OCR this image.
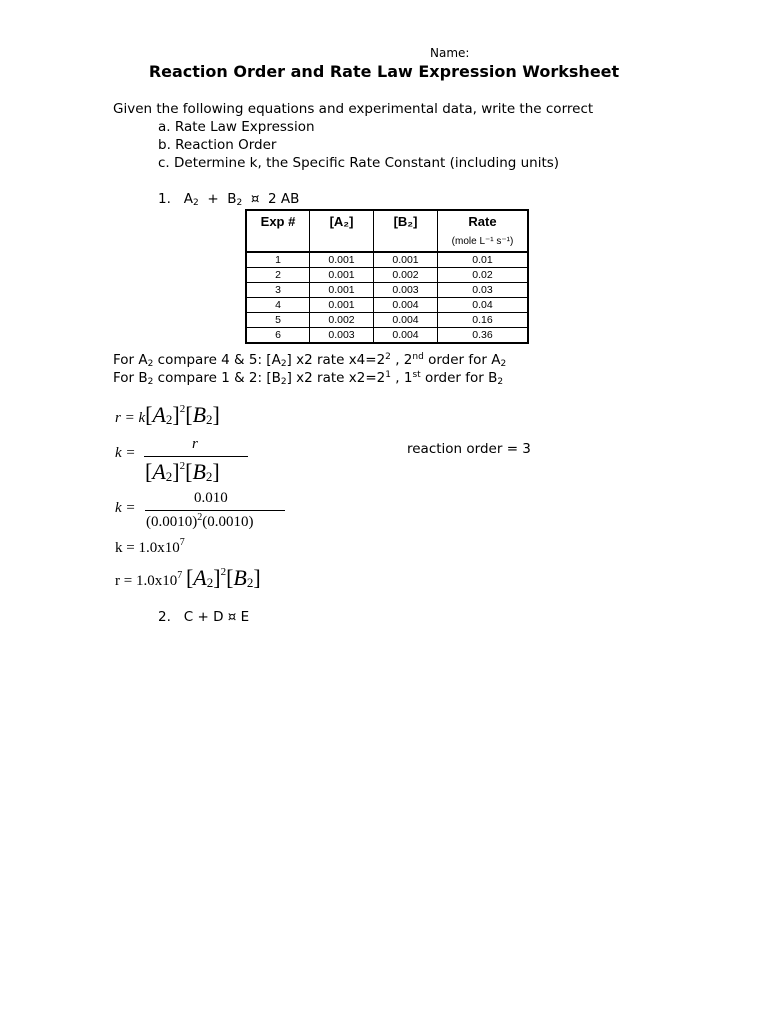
Name:
Reaction Order and Rate Law Expression Worksheet
Given the following equations and experimental data, write the correct
a. Rate Law Expression
b. Reaction Order
c. Determine k, the Specific Rate Constant (including units)
1. $A_2 + B_2$ ¤ 2 AB
Exp #	[A₂]	[B₂]	Rate
			(mole L⁻¹ s⁻¹)
1	0.001	0.001	0.01
2	0.001	0.002	0.02
3	0.001	0.003	0.03
4	0.001	0.004	0.04
5	0.002	0.004	0.16
6	0.003	0.004	0.36
For $A_2$ compare 4 & 5: $[A_2]$ x2 rate $x4=2^2$ , 2nd order for $A_2$
For $B_2$ compare 1 & 2: $[B_2]$ x2 rate $x2=2^1$ , 1st order for $B_2$
$r = k[A_2]^2[B_2]$
k =
r
$[A_2]^2[B_2]$
reaction order = 3
k =
0.010
$(0.0010)^2(0.0010)$
$k = 1.0x10^7$
$r = 1.0x10^7$ $[A_2]^2[B_2]$
2. C + D ¤ E
